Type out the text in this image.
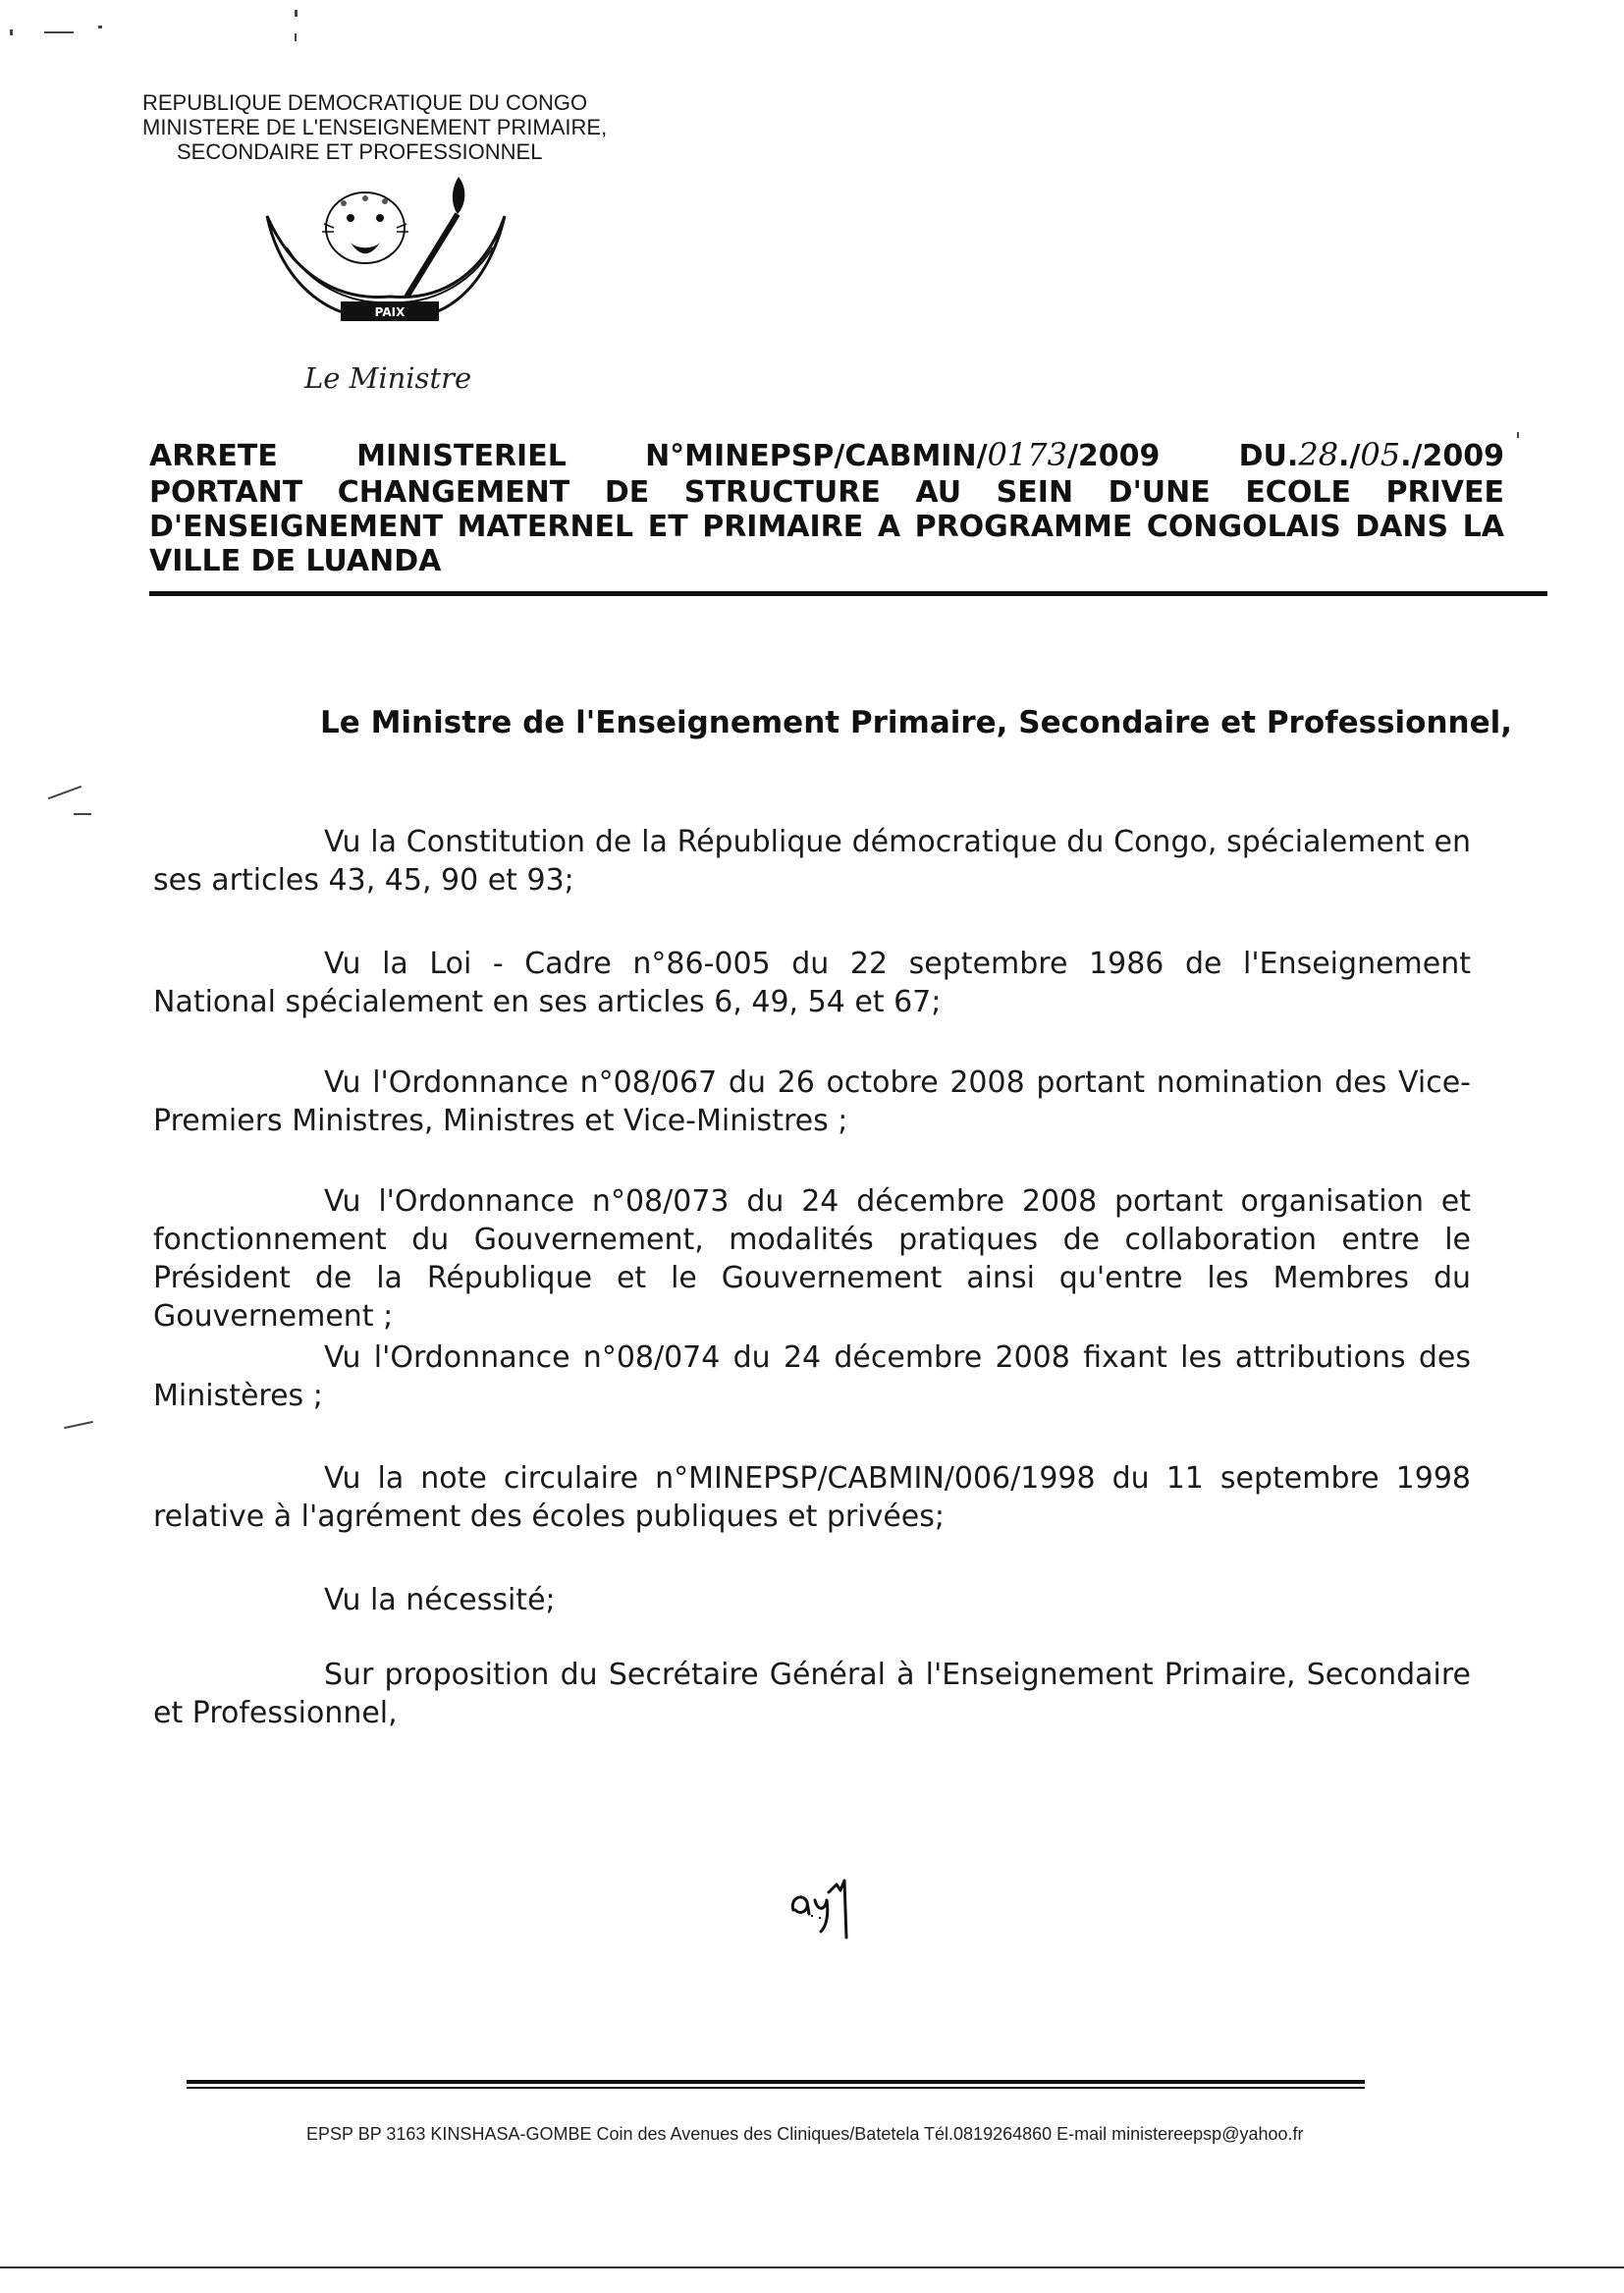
REPUBLIQUE DEMOCRATIQUE DU CONGO
MINISTERE DE L'ENSEIGNEMENT PRIMAIRE,
SECONDAIRE ET PROFESSIONNEL
PAIX
Le Ministre
ARRETE	MINISTERIEL	N°MINEPSP/CABMIN/0173/2009	DU.28./05./2009
PORTANT CHANGEMENT DE STRUCTURE AU SEIN D'UNE ECOLE PRIVEE
D'ENSEIGNEMENT MATERNEL ET PRIMAIRE A PROGRAMME CONGOLAIS DANS LA
VILLE DE LUANDA
Le Ministre de l'Enseignement Primaire, Secondaire et Professionnel,
Vu la Constitution de la République démocratique du Congo, spécialement en ses articles 43, 45, 90 et 93;
Vu la Loi - Cadre n°86-005 du 22 septembre 1986 de l'Enseignement National spécialement en ses articles 6, 49, 54 et 67;
Vu l'Ordonnance n°08/067 du 26 octobre 2008 portant nomination des Vice-Premiers Ministres, Ministres et Vice-Ministres ;
Vu l'Ordonnance n°08/073 du 24 décembre 2008 portant organisation et fonctionnement du Gouvernement, modalités pratiques de collaboration entre le Président de la République et le Gouvernement ainsi qu'entre les Membres du Gouvernement ;
Vu l'Ordonnance n°08/074 du 24 décembre 2008 fixant les attributions des Ministères ;
Vu la note circulaire n°MINEPSP/CABMIN/006/1998 du 11 septembre 1998 relative à l'agrément des écoles publiques et privées;
Vu la nécessité;
Sur proposition du Secrétaire Général à l'Enseignement Primaire, Secondaire et Professionnel,
EPSP BP 3163 KINSHASA-GOMBE Coin des Avenues des Cliniques/Batetela Tél.0819264860 E-mail ministereepsp@yahoo.fr
